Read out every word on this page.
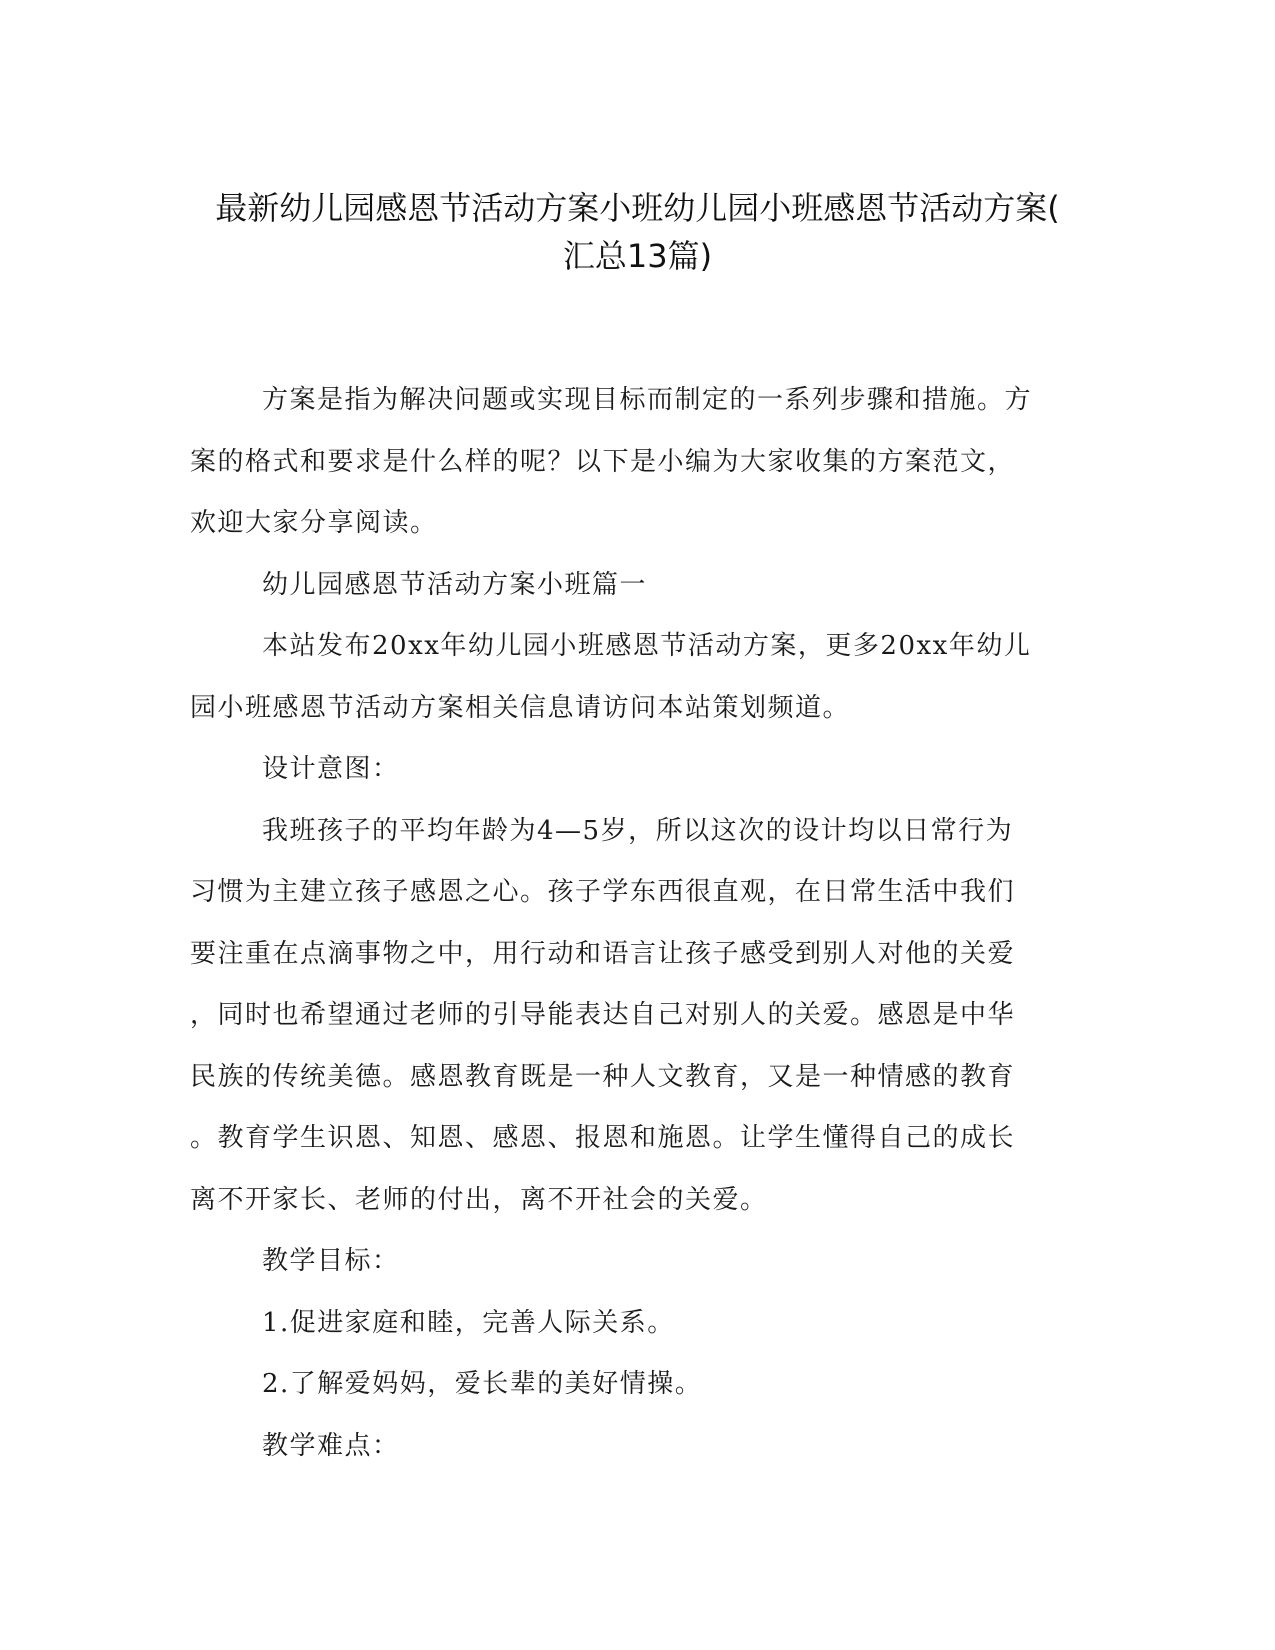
最新幼儿园感恩节活动方案小班幼儿园小班感恩节活动方案(
汇总13篇)
方案是指为解决问题或实现目标而制定的一系列步骤和措施。方
案的格式和要求是什么样的呢？以下是小编为大家收集的方案范文，
欢迎大家分享阅读。
幼儿园感恩节活动方案小班篇一
本站发布20xx年幼儿园小班感恩节活动方案，更多20xx年幼儿
园小班感恩节活动方案相关信息请访问本站策划频道。
设计意图：
我班孩子的平均年龄为4—5岁，所以这次的设计均以日常行为
习惯为主建立孩子感恩之心。孩子学东西很直观，在日常生活中我们
要注重在点滴事物之中，用行动和语言让孩子感受到别人对他的关爱
，同时也希望通过老师的引导能表达自己对别人的关爱。感恩是中华
民族的传统美德。感恩教育既是一种人文教育，又是一种情感的教育
。教育学生识恩、知恩、感恩、报恩和施恩。让学生懂得自己的成长
离不开家长、老师的付出，离不开社会的关爱。
教学目标：
1.促进家庭和睦，完善人际关系。
2.了解爱妈妈，爱长辈的美好情操。
教学难点：
